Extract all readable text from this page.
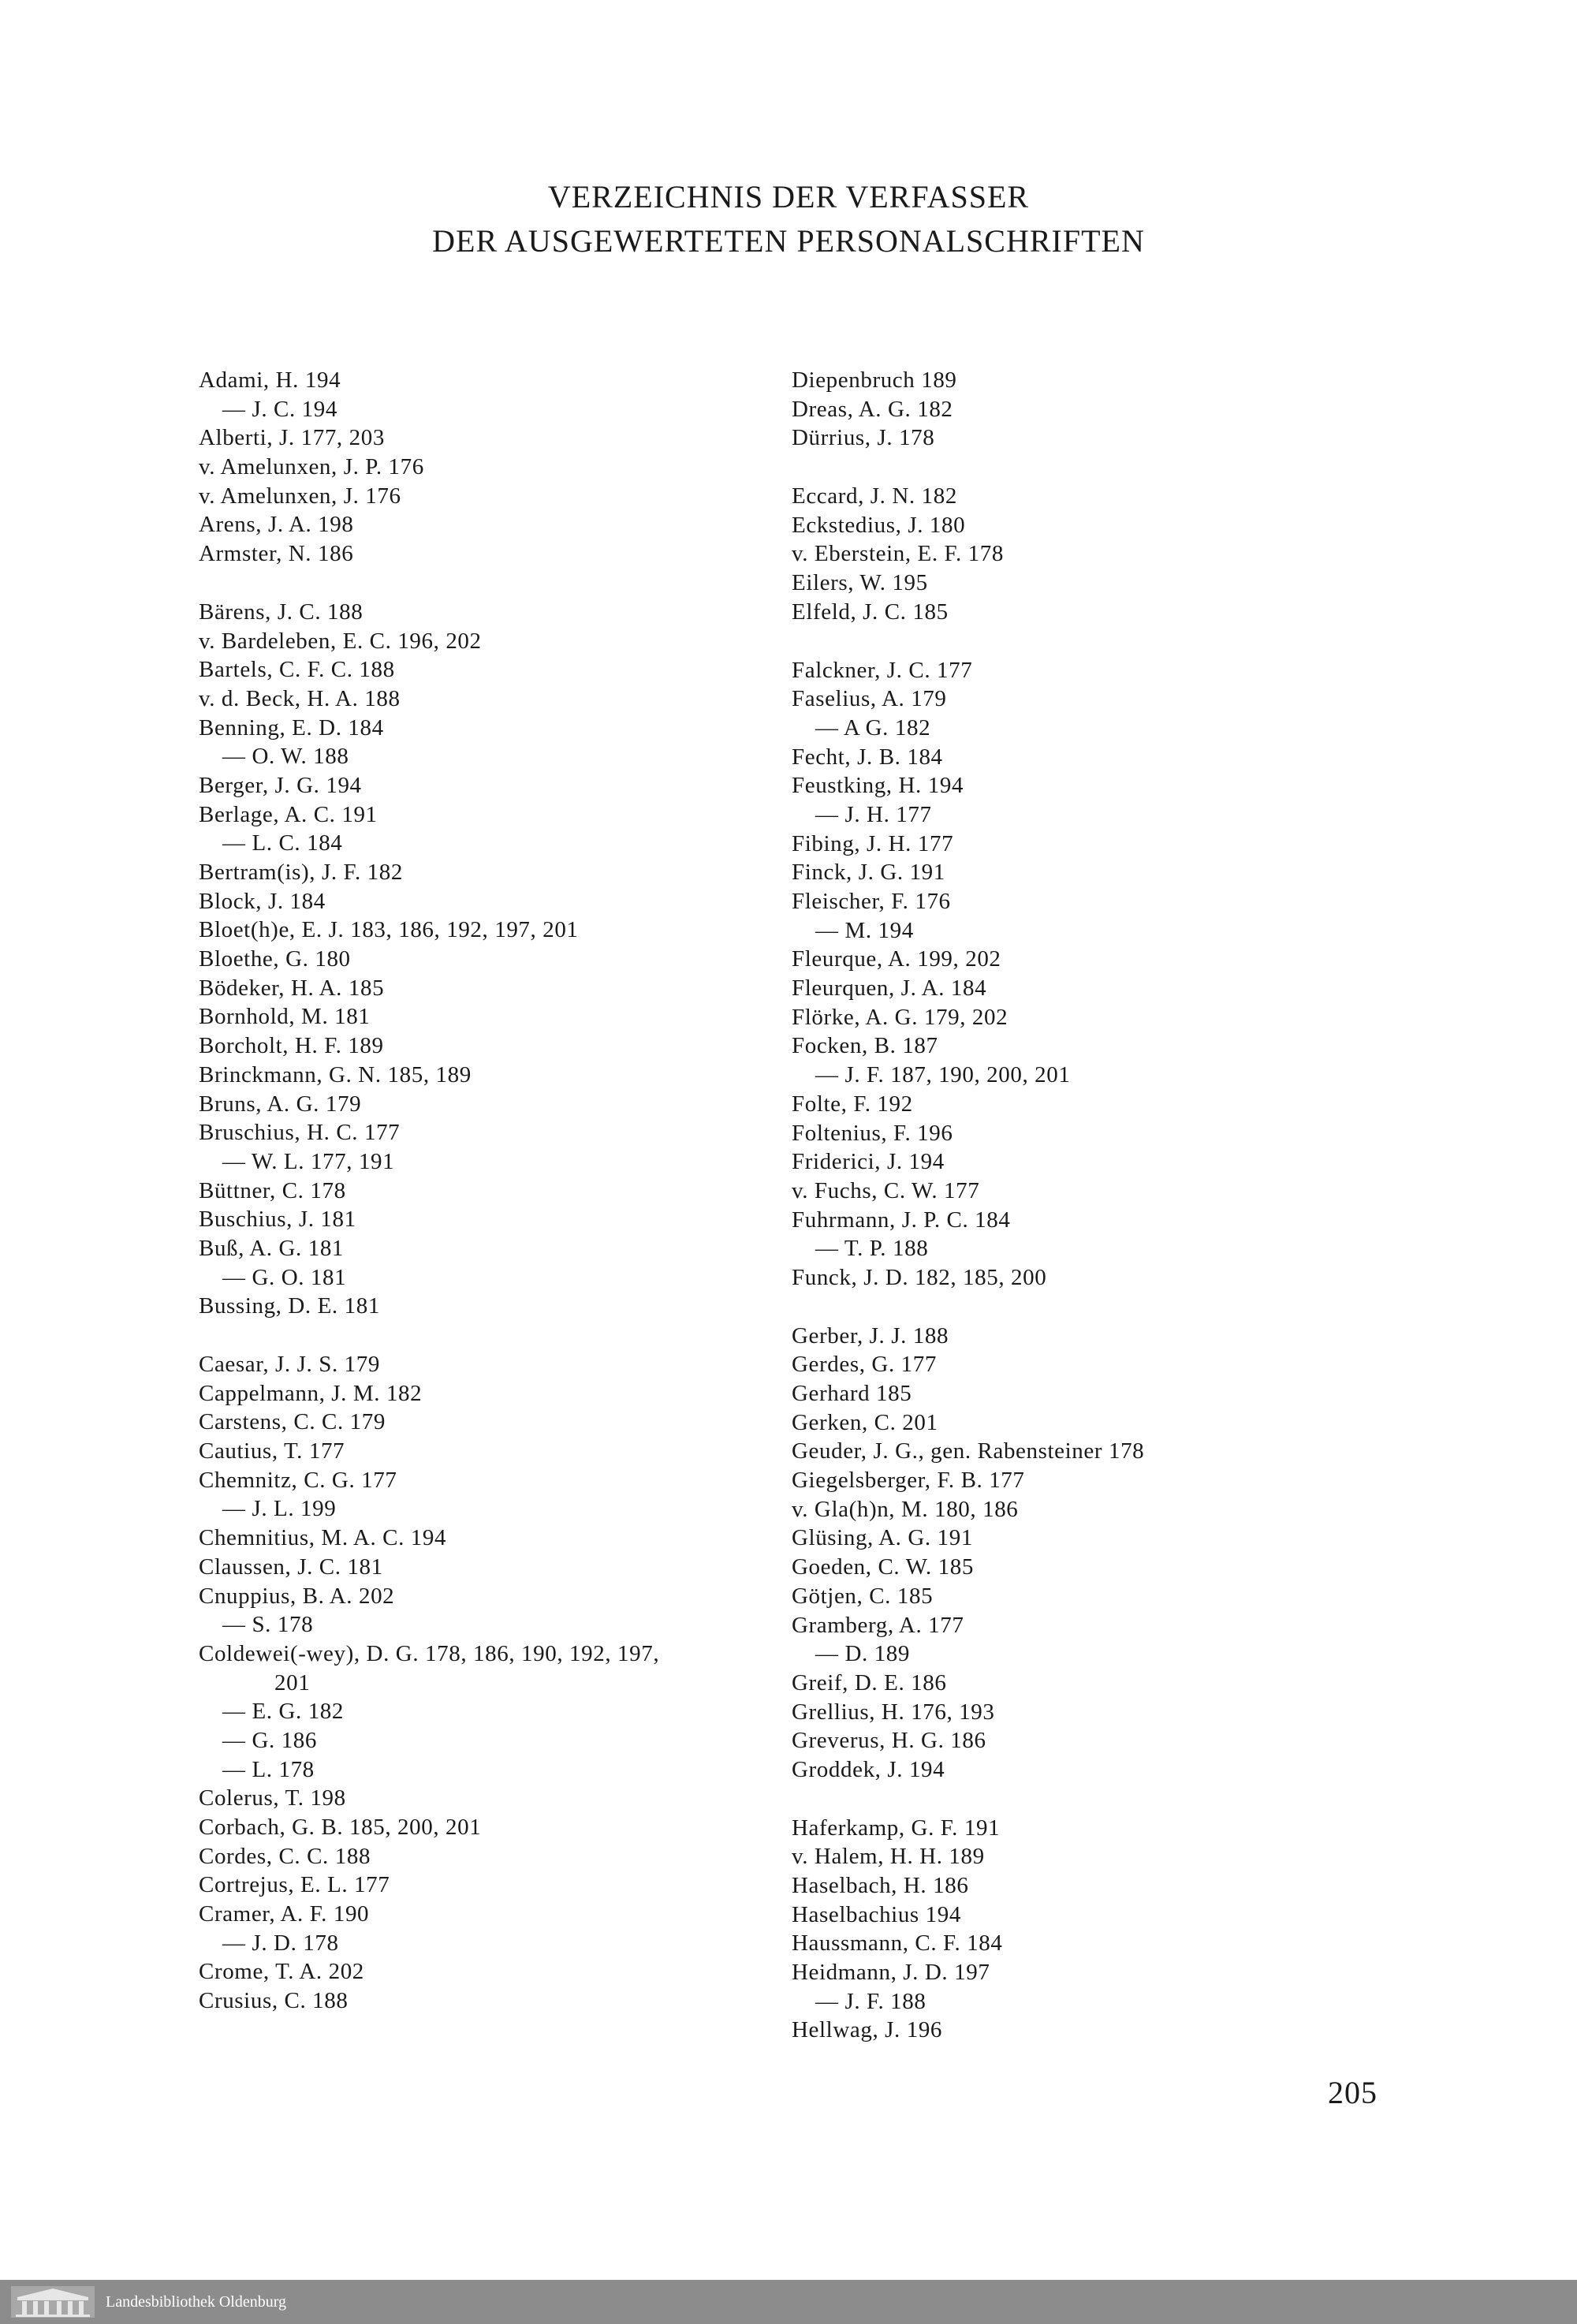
VERZEICHNIS DER VERFASSER
DER AUSGEWERTETEN PERSONALSCHRIFTEN
Adami, H. 194
— J. C. 194
Alberti, J. 177, 203
v. Amelunxen, J. P. 176
v. Amelunxen, J. 176
Arens, J. A. 198
Armster, N. 186
Bärens, J. C. 188
v. Bardeleben, E. C. 196, 202
Bartels, C. F. C. 188
v. d. Beck, H. A. 188
Benning, E. D. 184
— O. W. 188
Berger, J. G. 194
Berlage, A. C. 191
— L. C. 184
Bertram(is), J. F. 182
Block, J. 184
Bloet(h)e, E. J. 183, 186, 192, 197, 201
Bloethe, G. 180
Bödeker, H. A. 185
Bornhold, M. 181
Borcholt, H. F. 189
Brinckmann, G. N. 185, 189
Bruns, A. G. 179
Bruschius, H. C. 177
— W. L. 177, 191
Büttner, C. 178
Buschius, J. 181
Buß, A. G. 181
— G. O. 181
Bussing, D. E. 181
Caesar, J. J. S. 179
Cappelmann, J. M. 182
Carstens, C. C. 179
Cautius, T. 177
Chemnitz, C. G. 177
— J. L. 199
Chemnitius, M. A. C. 194
Claussen, J. C. 181
Cnuppius, B. A. 202
— S. 178
Coldewei(-wey), D. G. 178, 186, 190, 192, 197,
201
— E. G. 182
— G. 186
— L. 178
Colerus, T. 198
Corbach, G. B. 185, 200, 201
Cordes, C. C. 188
Cortrejus, E. L. 177
Cramer, A. F. 190
— J. D. 178
Crome, T. A. 202
Crusius, C. 188
Diepenbruch 189
Dreas, A. G. 182
Dürrius, J. 178
Eccard, J. N. 182
Eckstedius, J. 180
v. Eberstein, E. F. 178
Eilers, W. 195
Elfeld, J. C. 185
Falckner, J. C. 177
Faselius, A. 179
— A G. 182
Fecht, J. B. 184
Feustking, H. 194
— J. H. 177
Fibing, J. H. 177
Finck, J. G. 191
Fleischer, F. 176
— M. 194
Fleurque, A. 199, 202
Fleurquen, J. A. 184
Flörke, A. G. 179, 202
Focken, B. 187
— J. F. 187, 190, 200, 201
Folte, F. 192
Foltenius, F. 196
Friderici, J. 194
v. Fuchs, C. W. 177
Fuhrmann, J. P. C. 184
— T. P. 188
Funck, J. D. 182, 185, 200
Gerber, J. J. 188
Gerdes, G. 177
Gerhard 185
Gerken, C. 201
Geuder, J. G., gen. Rabensteiner 178
Giegelsberger, F. B. 177
v. Gla(h)n, M. 180, 186
Glüsing, A. G. 191
Goeden, C. W. 185
Götjen, C. 185
Gramberg, A. 177
— D. 189
Greif, D. E. 186
Grellius, H. 176, 193
Greverus, H. G. 186
Groddek, J. 194
Haferkamp, G. F. 191
v. Halem, H. H. 189
Haselbach, H. 186
Haselbachius 194
Haussmann, C. F. 184
Heidmann, J. D. 197
— J. F. 188
Hellwag, J. 196
205
Landesbibliothek Oldenburg
